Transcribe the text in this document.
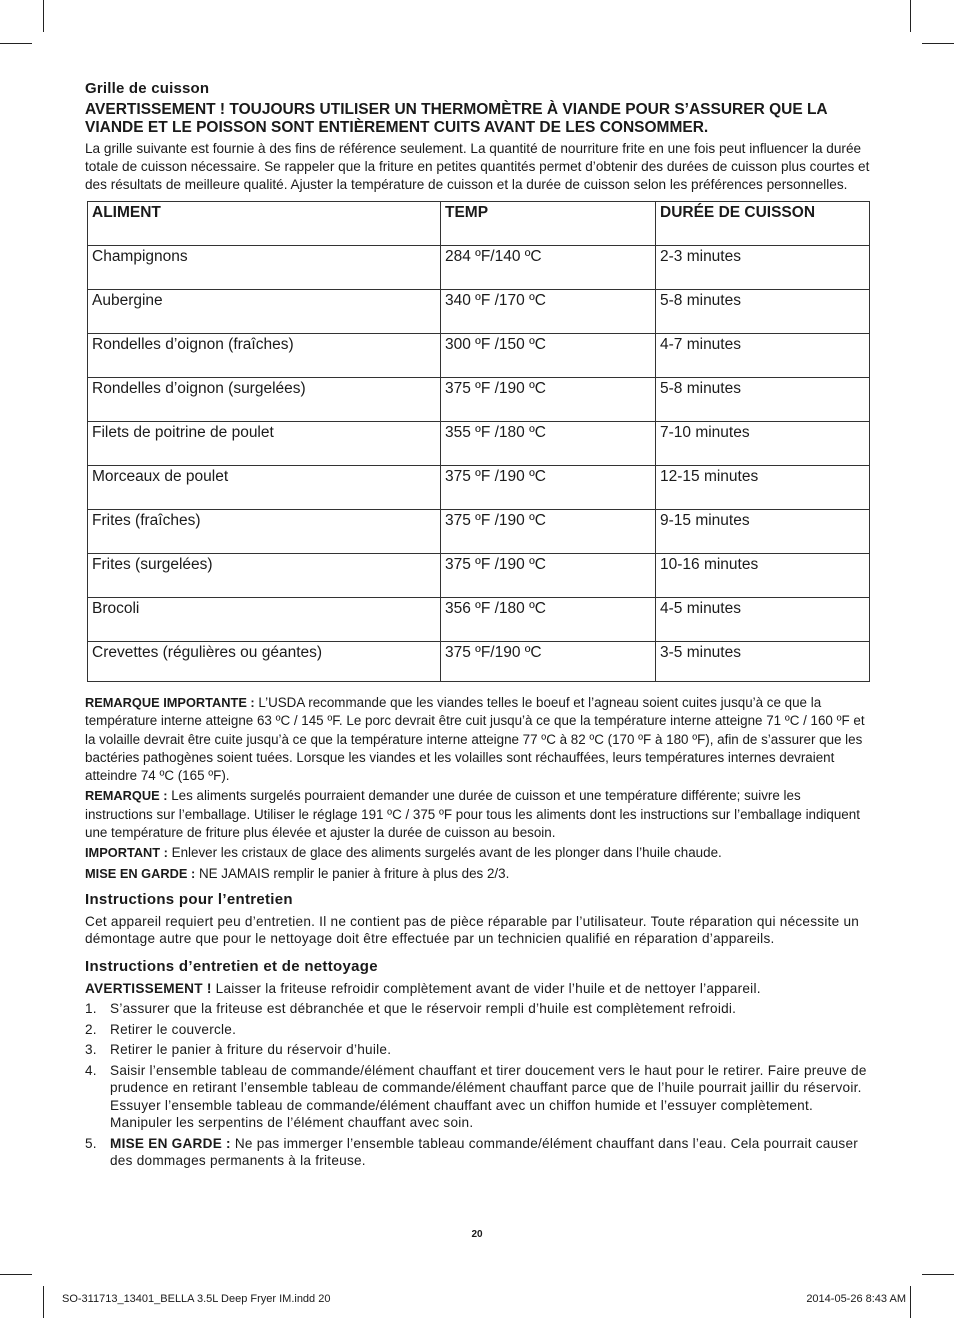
Grille de cuisson
AVERTISSEMENT ! TOUJOURS UTILISER UN THERMOMÈTRE À VIANDE POUR S’ASSURER QUE LA VIANDE ET LE POISSON SONT ENTIÈREMENT CUITS AVANT DE LES CONSOMMER.

La grille suivante est fournie à des fins de référence seulement. La quantité de nourriture frite en une fois peut influencer la durée totale de cuisson nécessaire. Se rappeler que la friture en petites quantités permet d’obtenir des durées de cuisson plus courtes et des résultats de meilleure qualité. Ajuster la température de cuisson et la durée de cuisson selon les préférences personnelles.

ALIMENT	TEMP	DURÉE DE CUISSON
Champignons	284 ºF/140 ºC	2-3 minutes
Aubergine	340 ºF /170 ºC	5-8 minutes
Rondelles d’oignon (fraîches)	300 ºF /150 ºC	4-7 minutes
Rondelles d’oignon (surgelées)	375 ºF /190 ºC	5-8 minutes
Filets de poitrine de poulet	355 ºF /180 ºC	7-10 minutes
Morceaux de poulet	375 ºF /190 ºC	12-15 minutes
Frites (fraîches)	375 ºF /190 ºC	9-15 minutes
Frites (surgelées)	375 ºF /190 ºC	10-16 minutes
Brocoli	356 ºF /180 ºC	4-5 minutes
Crevettes (régulières ou géantes)	375 ºF/190 ºC	3-5 minutes

REMARQUE IMPORTANTE : L’USDA recommande que les viandes telles le boeuf et l’agneau soient cuites jusqu’à ce que la température interne atteigne 63 ºC / 145 ºF. Le porc devrait être cuit jusqu’à ce que la température interne atteigne 71 ºC / 160 ºF et la volaille devrait être cuite jusqu’à ce que la température interne atteigne 77 ºC à 82 ºC (170 ºF à 180 ºF), afin de s’assurer que les bactéries pathogènes soient tuées. Lorsque les viandes et les volailles sont réchauffées, leurs températures internes devraient atteindre 74 ºC (165 ºF).

REMARQUE : Les aliments surgelés pourraient demander une durée de cuisson et une température différente; suivre les instructions sur l’emballage. Utiliser le réglage 191 ºC / 375 ºF pour tous les aliments dont les instructions sur l’emballage indiquent une température de friture plus élevée et ajuster la durée de cuisson au besoin.

IMPORTANT : Enlever les cristaux de glace des aliments surgelés avant de les plonger dans l’huile chaude.

MISE EN GARDE : NE JAMAIS remplir le panier à friture à plus des 2/3.

Instructions pour l’entretien

Cet appareil requiert peu d’entretien. Il ne contient pas de pièce réparable par l’utilisateur. Toute réparation qui nécessite un démontage autre que pour le nettoyage doit être effectuée par un technicien qualifié en réparation d’appareils.

Instructions d’entretien et de nettoyage

AVERTISSEMENT ! Laisser la friteuse refroidir complètement avant de vider l’huile et de nettoyer l’appareil.

1. S’assurer que la friteuse est débranchée et que le réservoir rempli d’huile est complètement refroidi.
2. Retirer le couvercle.
3. Retirer le panier à friture du réservoir d’huile.
4. Saisir l’ensemble tableau de commande/élément chauffant et tirer doucement vers le haut pour le retirer. Faire preuve de prudence en retirant l’ensemble tableau de commande/élément chauffant parce que de l’huile pourrait jaillir du réservoir. Essuyer l’ensemble tableau de commande/élément chauffant avec un chiffon humide et l’essuyer complètement. Manipuler les serpentins de l’élément chauffant avec soin.
5. MISE EN GARDE : Ne pas immerger l’ensemble tableau commande/élément chauffant dans l’eau. Cela pourrait causer des dommages permanents à la friteuse.
20
SO-311713_13401_BELLA 3.5L Deep Fryer IM.indd 20	2014-05-26 8:43 AM
